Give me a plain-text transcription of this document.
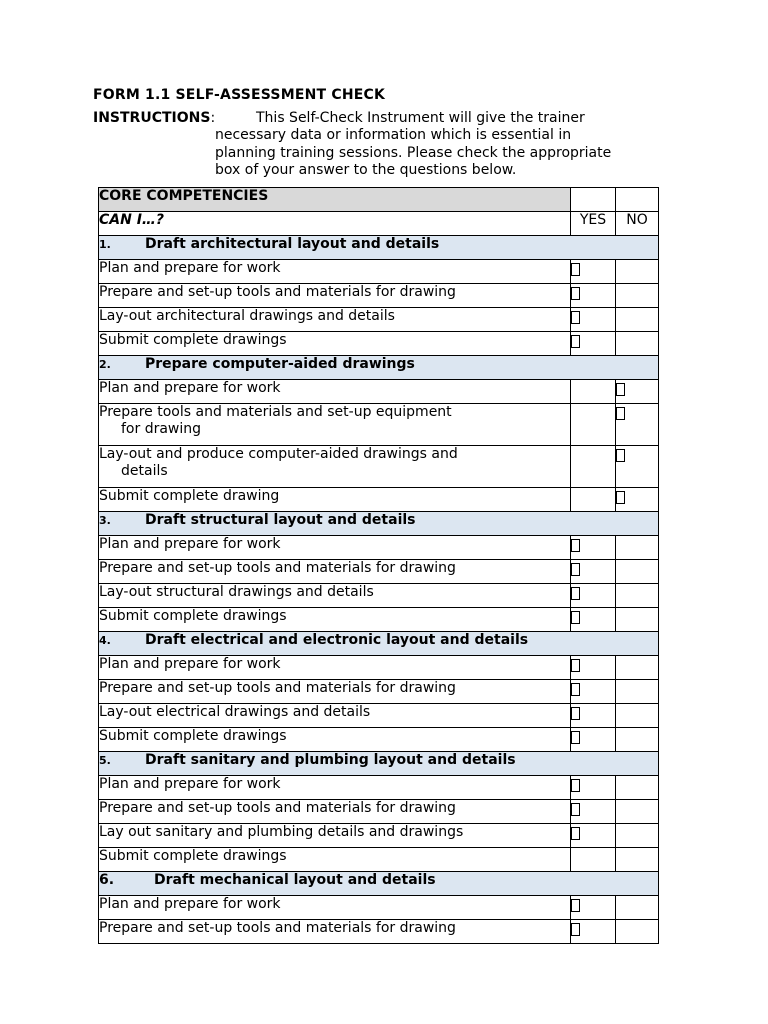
FORM 1.1 SELF-ASSESSMENT CHECK
INSTRUCTIONS:	This Self-Check Instrument will give the trainer
necessary data or information which is essential in
planning training sessions. Please check the appropriate
box of your answer to the questions below.
CORE COMPETENCIES		
CAN I…?	YES	NO
1. Draft architectural layout and details		
Plan and prepare for work		
Prepare and set-up tools and materials for drawing		
Lay-out architectural drawings and details		
Submit complete drawings		
2. Prepare computer-aided drawings		
Plan and prepare for work		
Prepare tools and materials and set-up equipment
for drawing		

Lay-out and produce computer-aided drawings and
details		

Submit complete drawing		
3. Draft structural layout and details		
Plan and prepare for work		
Prepare and set-up tools and materials for drawing		
Lay-out structural drawings and details		
Submit complete drawings		
4. Draft electrical and electronic layout and details		
Plan and prepare for work		
Prepare and set-up tools and materials for drawing		
Lay-out electrical drawings and details		
Submit complete drawings		
5. Draft sanitary and plumbing layout and details		
Plan and prepare for work		
Prepare and set-up tools and materials for drawing		
Lay out sanitary and plumbing details and drawings		
Submit complete drawings		
6. Draft mechanical layout and details		
Plan and prepare for work		
Prepare and set-up tools and materials for drawing		
